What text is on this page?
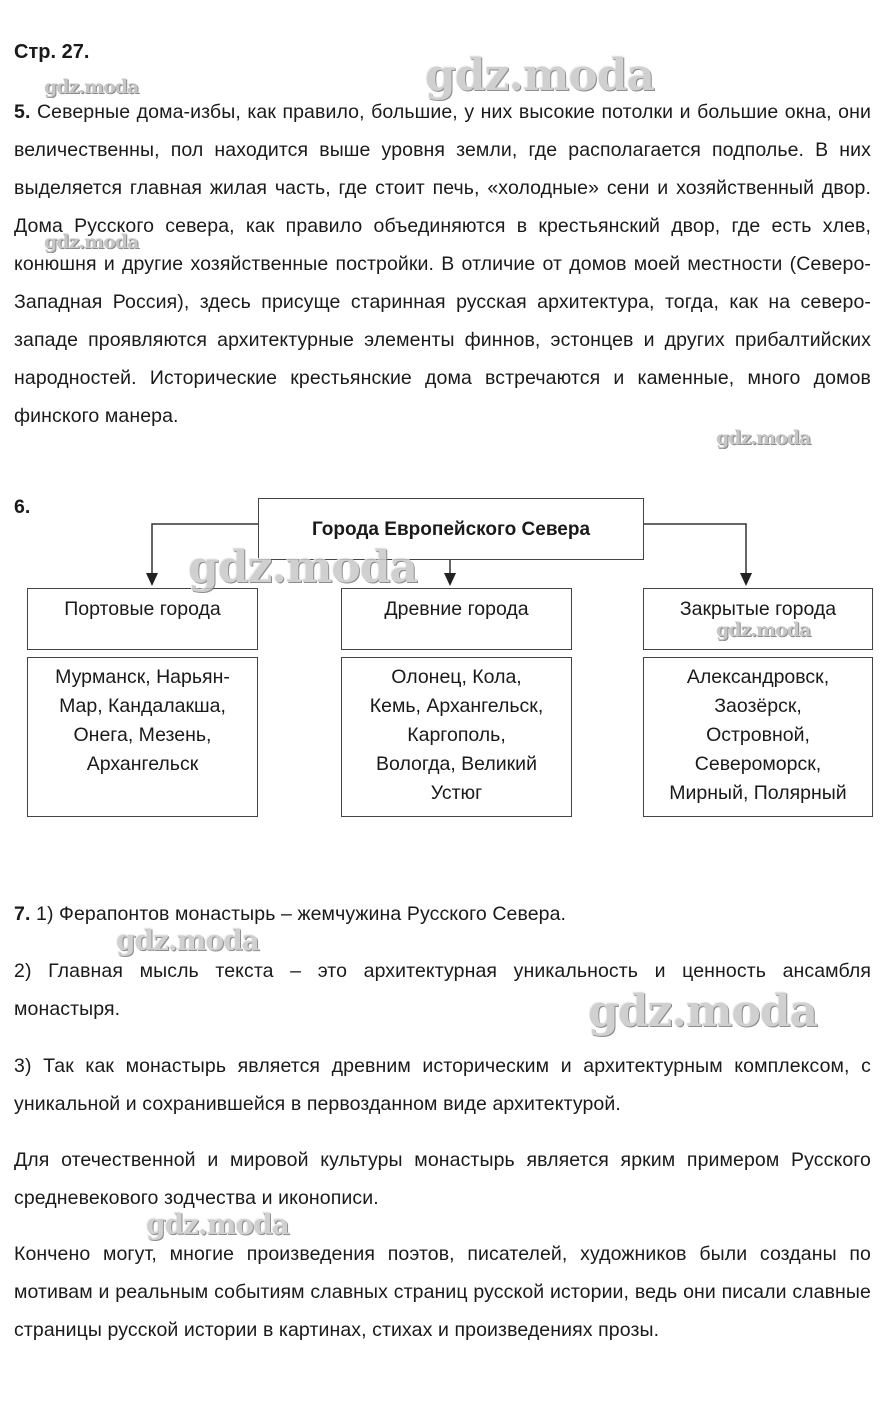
Стр. 27.	gdz.moda
gdz.moda
gdz.moda
gdz.moda
5. Северные дома-избы, как правило, большие, у них высокие потолки и большие окна, они величественны, пол находится выше уровня земли, где располагается подполье. В них выделяется главная жилая часть, где стоит печь, «холодные» сени и хозяйственный двор. Дома Русского севера, как правило объединяются в крестьянский двор, где есть хлев, конюшня и другие хозяйственные постройки. В отличие от домов моей местности (Северо-Западная Россия), здесь присуще старинная русская архитектура, тогда, как на северо-западе проявляются архитектурные элементы финнов, эстонцев и других прибалтийских народностей. Исторические крестьянские дома встречаются и каменные, много домов финского манера.
6.
Города Европейского Севера
Портовые города	Древние города	Закрытые города
Мурманск, Нарьян-
Мар, Кандалакша,
Онега, Мезень,
Архангельск
Олонец, Кола,
Кемь, Архангельск,
Каргополь,
Вологда, Великий
Устюг
Александровск,
Заозёрск,
Островной,
Североморск,
Мирный, Полярный
gdz.moda
gdz.moda
7. 1) Ферапонтов монастырь – жемчужина Русского Севера.
2) Главная мысль текста – это архитектурная уникальность и ценность ансамбля монастыря.
3) Так как монастырь является древним историческим и архитектурным комплексом, с уникальной и сохранившейся в первозданном виде архитектурой.
Для отечественной и мировой культуры монастырь является ярким примером Русского средневекового зодчества и иконописи.
Кончено могут, многие произведения поэтов, писателей, художников были созданы по мотивам и реальным событиям славных страниц русской истории, ведь они писали славные страницы русской истории в картинах, стихах и произведениях прозы.
gdz.moda
gdz.moda
gdz.moda
